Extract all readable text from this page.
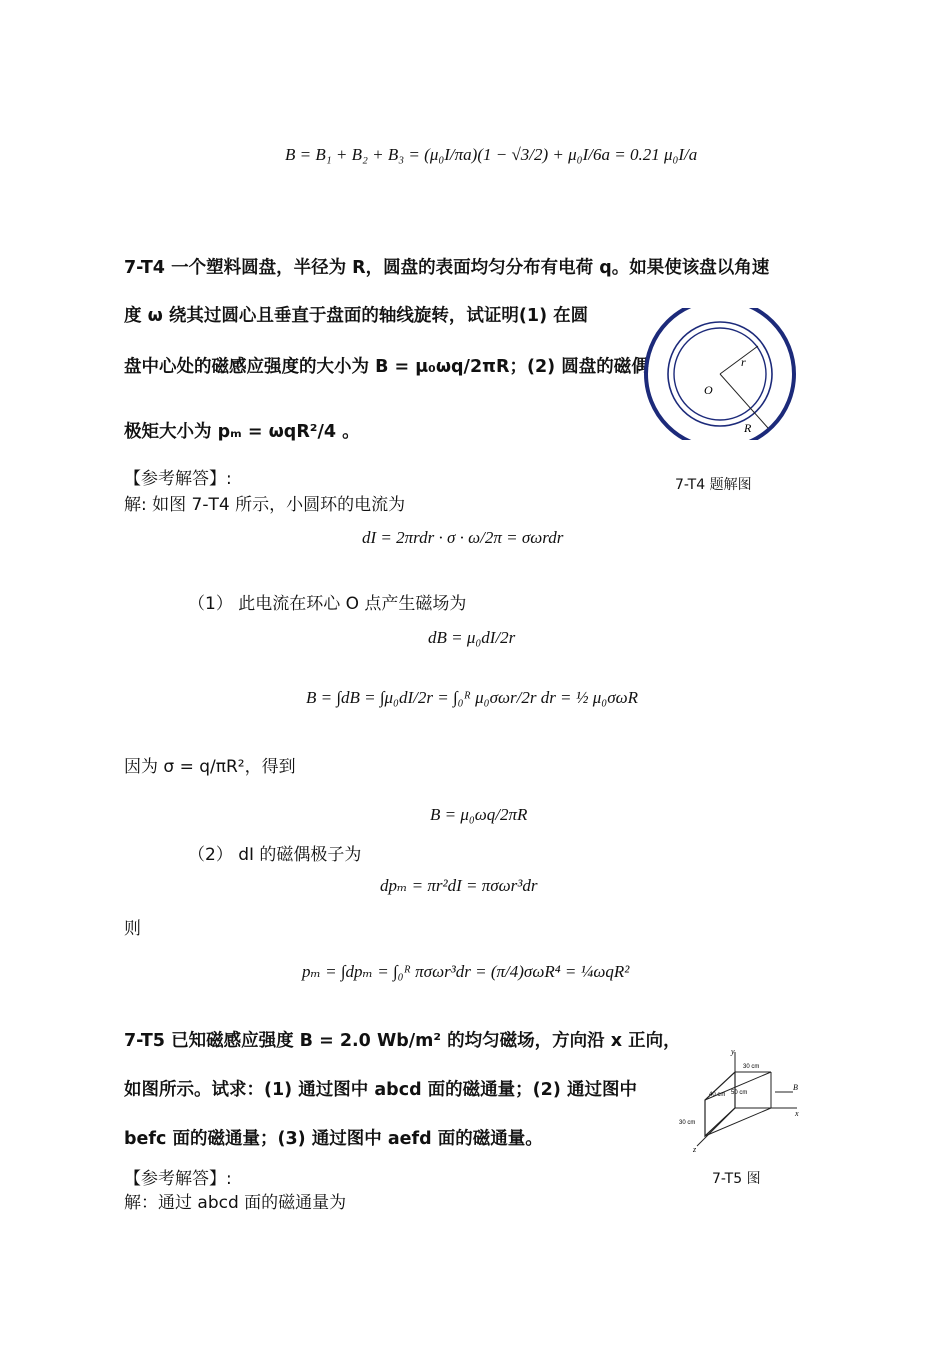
B = B₁ + B₂ + B₃ = (μ₀I/πa)(1 − √3/2) + μ₀I/6a = 0.21 μ₀I/a
7-T4 一个塑料圆盘，半径为 R，圆盘的表面均匀分布有电荷 q。如果使该盘以角速
度 ω 绕其过圆心且垂直于盘面的轴线旋转，试证明(1) 在圆
盘中心处的磁感应强度的大小为 B = μ₀ωq/2πR；(2) 圆盘的磁偶
极矩大小为 pₘ = ωqR²/4 。
r
O
R
7-T4 题解图
【参考解答】:
解: 如图 7-T4 所示，小圆环的电流为
dI = 2πrdr · σ · ω/2π = σωrdr
（1） 此电流在环心 O 点产生磁场为
dB = μ₀dI/2r
B = ∫dB = ∫μ₀dI/2r = ∫₀ᴿ μ₀σωr/2r dr = ½ μ₀σωR
因为 σ = q/πR²，得到
B = μ₀ωq/2πR
（2） dI 的磁偶极子为
dpₘ = πr²dI = πσωr³dr
则
pₘ = ∫dpₘ = ∫₀ᴿ πσωr³dr = (π/4)σωR⁴ = ¼ωqR²
7-T5 已知磁感应强度 B = 2.0 Wb/m² 的均匀磁场，方向沿 x 正向，
如图所示。试求：(1) 通过图中 abcd 面的磁通量；(2) 通过图中
befc 面的磁通量；(3) 通过图中 aefd 面的磁通量。
【参考解答】:
解：通过 abcd 面的磁通量为
y
x
z
B
30 cm
40 cm 50 cm
30 cm
7-T5 图
